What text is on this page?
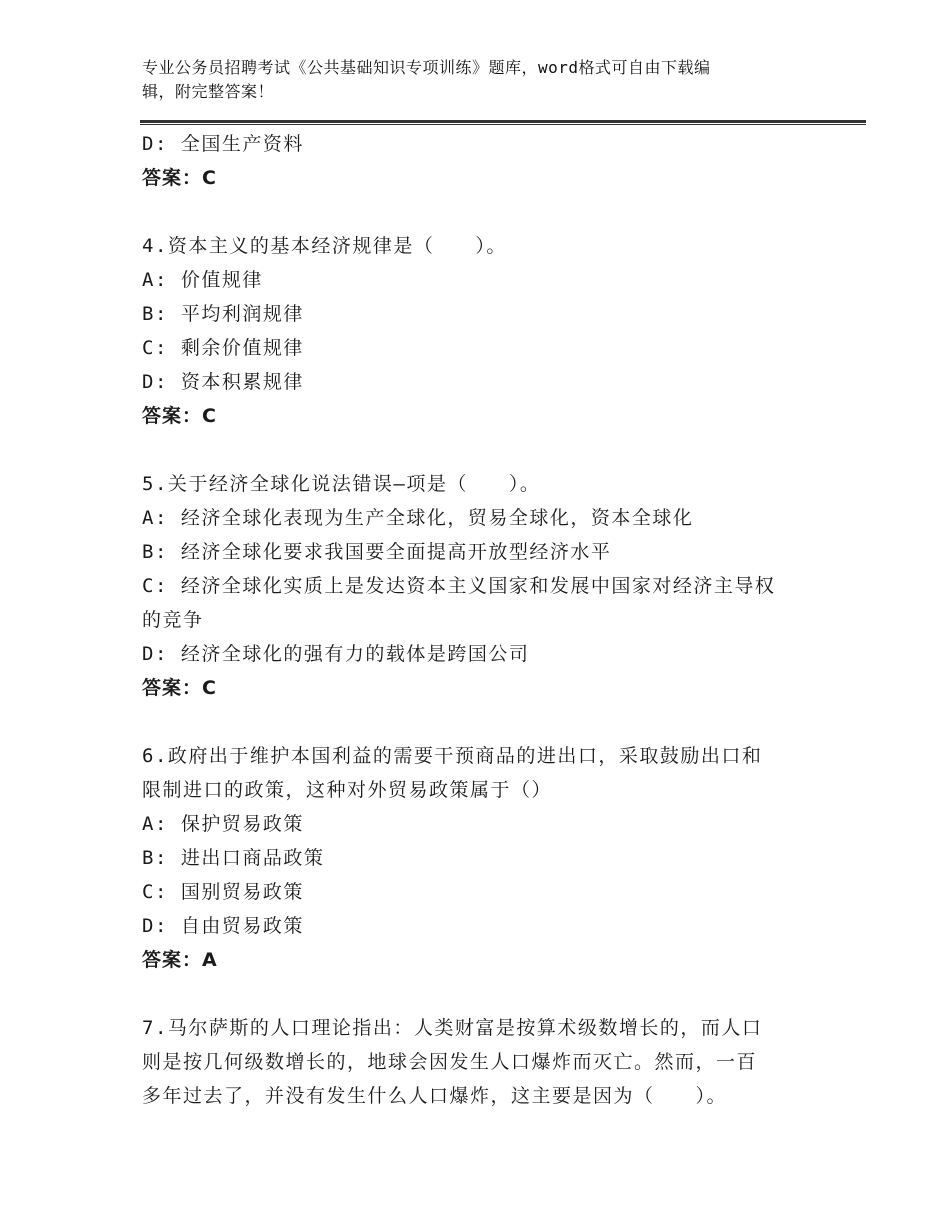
专业公务员招聘考试《公共基础知识专项训练》题库，word格式可自由下载编
辑，附完整答案！
D: 全国生产资料
答案：C
4.资本主义的基本经济规律是（　　）。
A: 价值规律
B: 平均利润规律
C: 剩余价值规律
D: 资本积累规律
答案：C
5.关于经济全球化说法错误—项是（　　）。
A: 经济全球化表现为生产全球化，贸易全球化，资本全球化
B: 经济全球化要求我国要全面提高开放型经济水平
C: 经济全球化实质上是发达资本主义国家和发展中国家对经济主导权
的竞争
D: 经济全球化的强有力的载体是跨国公司
答案：C
6.政府出于维护本国利益的需要干预商品的进出口，采取鼓励出口和
限制进口的政策，这种对外贸易政策属于（）
A: 保护贸易政策
B: 进出口商品政策
C: 国别贸易政策
D: 自由贸易政策
答案：A
7.马尔萨斯的人口理论指出：人类财富是按算术级数增长的，而人口
则是按几何级数增长的，地球会因发生人口爆炸而灭亡。然而，一百
多年过去了，并没有发生什么人口爆炸，这主要是因为（　　）。
